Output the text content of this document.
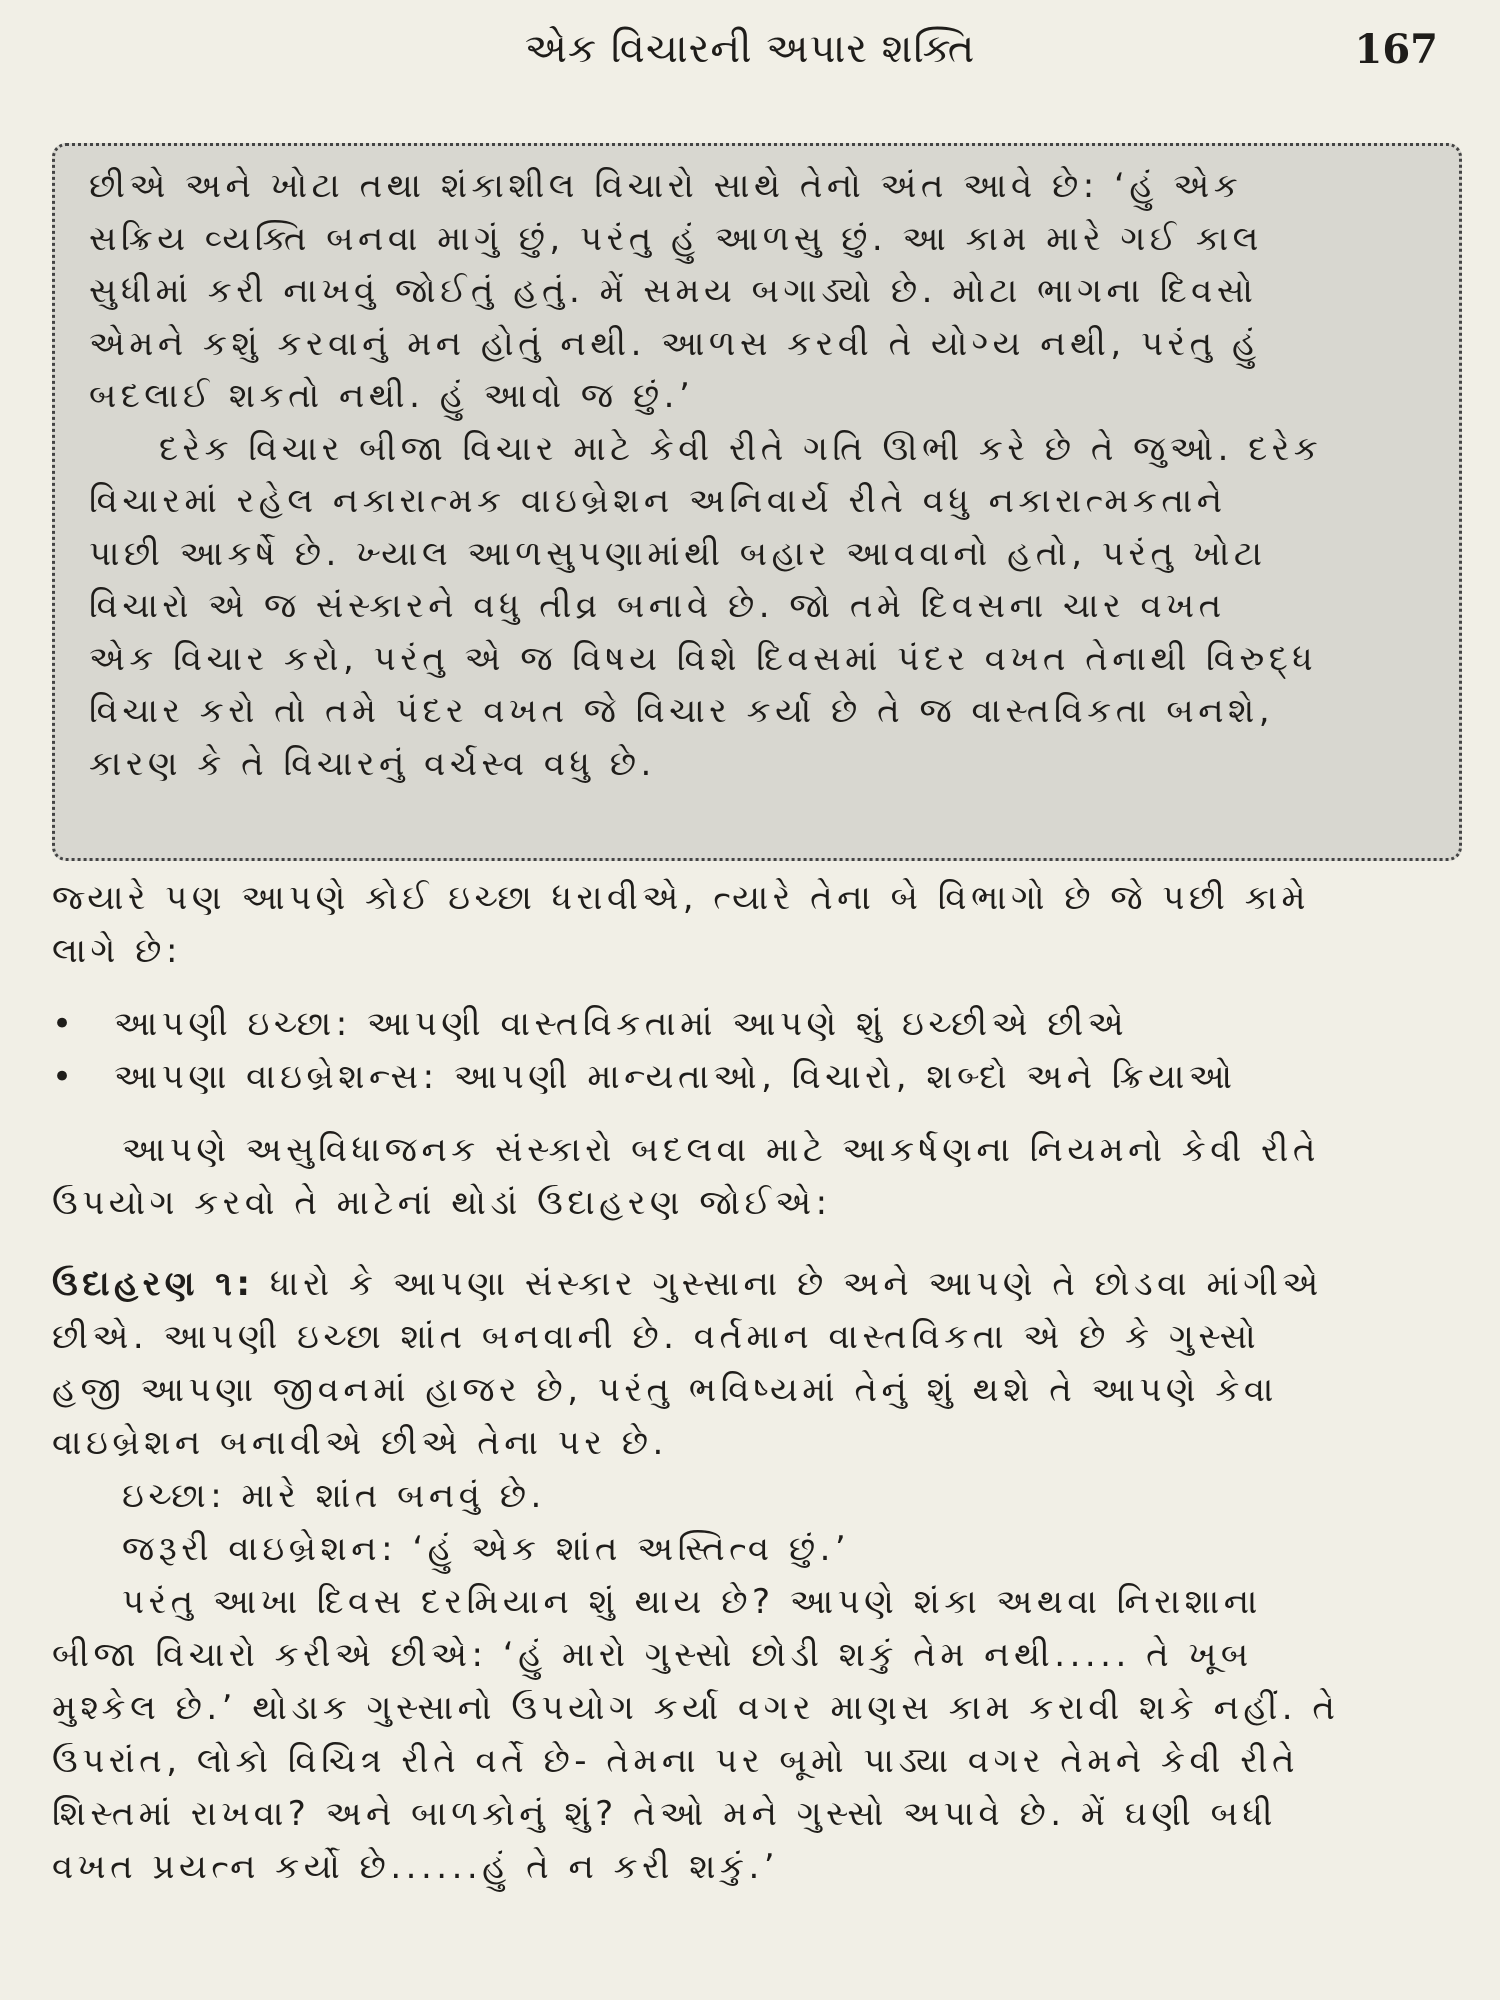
એક વિચારની અપાર શક્તિ	167
છીએ અને ખોટા તથા શંકાશીલ વિચારો સાથે તેનો અંત આવે છે: ‘હું એક
સક્રિય વ્યક્તિ બનવા માગું છું, પરંતુ હું આળસુ છું. આ કામ મારે ગઈ કાલ
સુધીમાં કરી નાખવું જોઈતું હતું. મેં સમય બગાડ્યો છે. મોટા ભાગના દિવસો
એમને કશું કરવાનું મન હોતું નથી. આળસ કરવી તે યોગ્ય નથી, પરંતુ હું
બદલાઈ શકતો નથી. હું આવો જ છું.’
દરેક વિચાર બીજા વિચાર માટે કેવી રીતે ગતિ ઊભી કરે છે તે જુઓ. દરેક
વિચારમાં રહેલ નકારાત્મક વાઇબ્રેશન અનિવાર્ય રીતે વધુ નકારાત્મકતાને
પાછી આકર્ષે છે. ખ્યાલ આળસુપણામાંથી બહાર આવવાનો હતો, પરંતુ ખોટા
વિચારો એ જ સંસ્કારને વધુ તીવ્ર બનાવે છે. જો તમે દિવસના ચાર વખત
એક વિચાર કરો, પરંતુ એ જ વિષય વિશે દિવસમાં પંદર વખત તેનાથી વિરુદ્ધ
વિચાર કરો તો તમે પંદર વખત જે વિચાર કર્યા છે તે જ વાસ્તવિકતા બનશે,
કારણ કે તે વિચારનું વર્ચસ્વ વધુ છે.
જ્યારે પણ આપણે કોઈ ઇચ્છા ધરાવીએ, ત્યારે તેના બે વિભાગો છે જે પછી કામે
લાગે છે:
• આપણી ઇચ્છા: આપણી વાસ્તવિકતામાં આપણે શું ઇચ્છીએ છીએ
• આપણા વાઇબ્રેશન્સ: આપણી માન્યતાઓ, વિચારો, શબ્દો અને ક્રિયાઓ
આપણે અસુવિધાજનક સંસ્કારો બદલવા માટે આકર્ષણના નિયમનો કેવી રીતે
ઉપયોગ કરવો તે માટેનાં થોડાં ઉદાહરણ જોઈએ:
ઉદાહરણ ૧: ધારો કે આપણા સંસ્કાર ગુસ્સાના છે અને આપણે તે છોડવા માંગીએ
છીએ. આપણી ઇચ્છા શાંત બનવાની છે. વર્તમાન વાસ્તવિકતા એ છે કે ગુસ્સો
હજી આપણા જીવનમાં હાજર છે, પરંતુ ભવિષ્યમાં તેનું શું થશે તે આપણે કેવા
વાઇબ્રેશન બનાવીએ છીએ તેના પર છે.
ઇચ્છા: મારે શાંત બનવું છે.
જરૂરી વાઇબ્રેશન: ‘હું એક શાંત અસ્તિત્વ છું.’
પરંતુ આખા દિવસ દરમિયાન શું થાય છે? આપણે શંકા અથવા નિરાશાના
બીજા વિચારો કરીએ છીએ: ‘હું મારો ગુસ્સો છોડી શકું તેમ નથી..... તે ખૂબ
મુશ્કેલ છે.’ થોડાક ગુસ્સાનો ઉપયોગ કર્યા વગર માણસ કામ કરાવી શકે નહીં. તે
ઉપરાંત, લોકો વિચિત્ર રીતે વર્તે છે- તેમના પર બૂમો પાડ્યા વગર તેમને કેવી રીતે
શિસ્તમાં રાખવા? અને બાળકોનું શું? તેઓ મને ગુસ્સો અપાવે છે. મેં ઘણી બધી
વખત પ્રયત્ન કર્યો છે......હું તે ન કરી શકું.’
